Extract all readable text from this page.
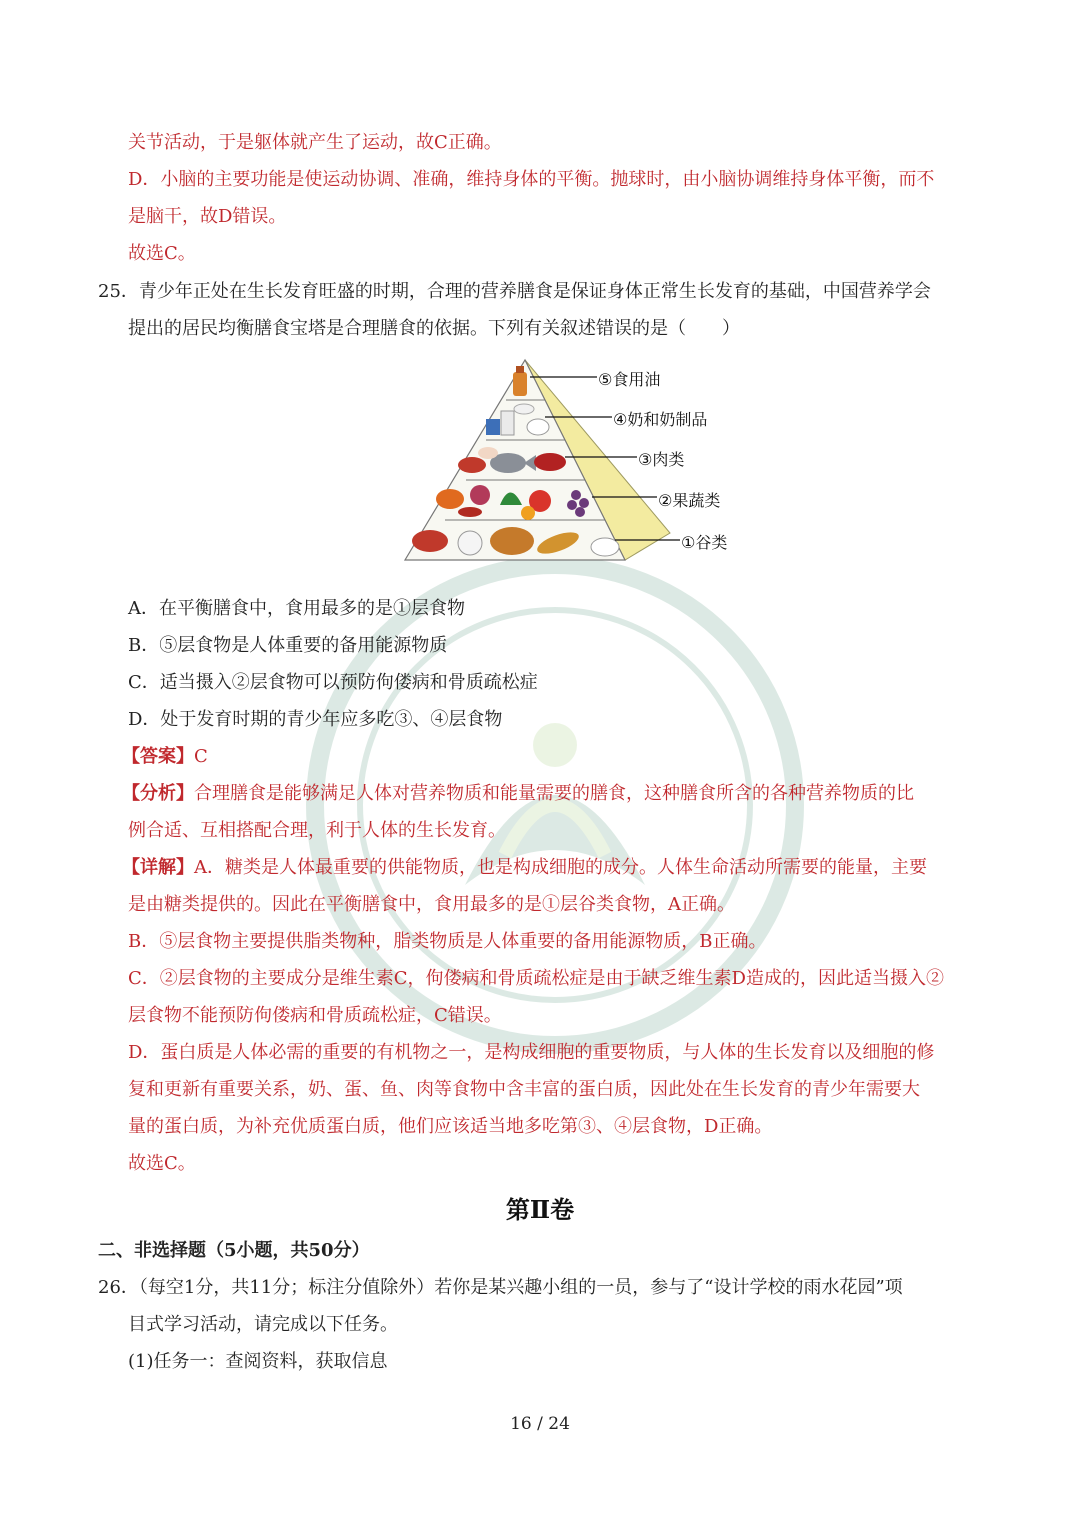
关节活动，于是躯体就产生了运动，故C正确。
D．小脑的主要功能是使运动协调、准确，维持身体的平衡。抛球时，由小脑协调维持身体平衡，而不
是脑干，故D错误。
故选C。
25．青少年正处在生长发育旺盛的时期，合理的营养膳食是保证身体正常生长发育的基础，中国营养学会
提出的居民均衡膳食宝塔是合理膳食的依据。下列有关叙述错误的是（　　）
⑤食用油
④奶和奶制品
③肉类
②果蔬类
①谷类
A．在平衡膳食中，食用最多的是①层食物
B．⑤层食物是人体重要的备用能源物质
C．适当摄入②层食物可以预防佝偻病和骨质疏松症
D．处于发育时期的青少年应多吃③、④层食物
【答案】C
【分析】合理膳食是能够满足人体对营养物质和能量需要的膳食，这种膳食所含的各种营养物质的比
例合适、互相搭配合理，利于人体的生长发育。
【详解】A．糖类是人体最重要的供能物质，也是构成细胞的成分。人体生命活动所需要的能量，主要
是由糖类提供的。因此在平衡膳食中，食用最多的是①层谷类食物，A正确。
B．⑤层食物主要提供脂类物种，脂类物质是人体重要的备用能源物质，B正确。
C．②层食物的主要成分是维生素C，佝偻病和骨质疏松症是由于缺乏维生素D造成的，因此适当摄入②
层食物不能预防佝偻病和骨质疏松症，C错误。
D．蛋白质是人体必需的重要的有机物之一，是构成细胞的重要物质，与人体的生长发育以及细胞的修
复和更新有重要关系，奶、蛋、鱼、肉等食物中含丰富的蛋白质，因此处在生长发育的青少年需要大
量的蛋白质，为补充优质蛋白质，他们应该适当地多吃第③、④层食物，D正确。
故选C。
第Ⅱ卷
二、非选择题（5小题，共50分）
26．（每空1分，共11分；标注分值除外）若你是某兴趣小组的一员，参与了“设计学校的雨水花园”项
目式学习活动，请完成以下任务。
(1)任务一：查阅资料，获取信息
16 / 24
